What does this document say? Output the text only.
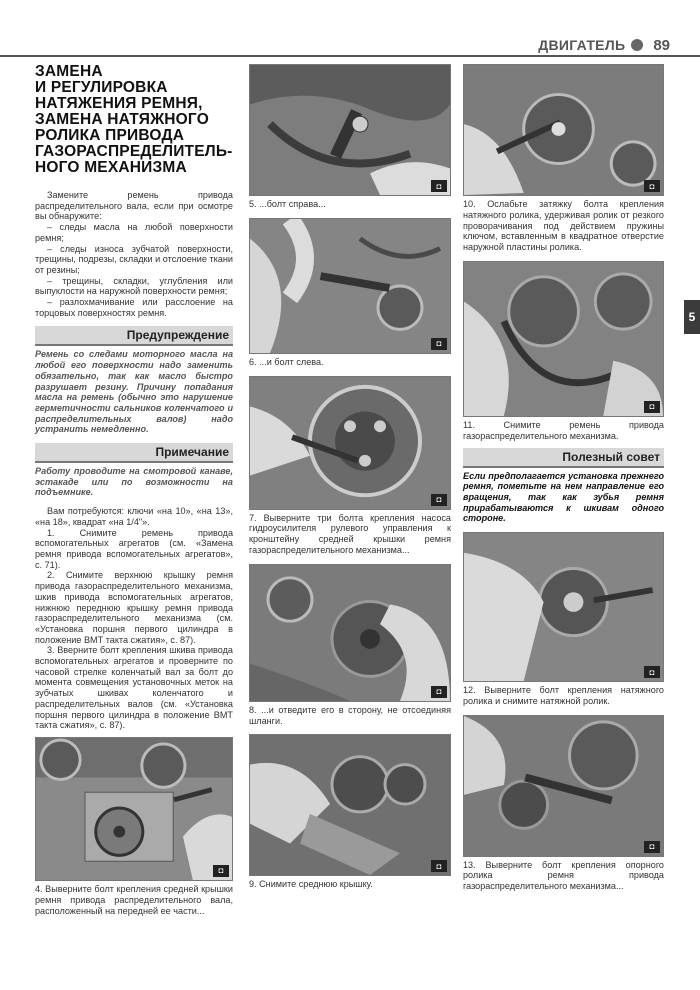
ДВИГАТЕЛЬ 89
5
ЗАМЕНА
И РЕГУЛИРОВКА
НАТЯЖЕНИЯ РЕМНЯ,
ЗАМЕНА НАТЯЖНОГО
РОЛИКА ПРИВОДА
ГАЗОРАСПРЕДЕЛИТЕЛЬ-
НОГО МЕХАНИЗМА
Замените ремень привода распределительного вала, если при осмотре вы обнаружите:
– следы масла на любой поверхности ремня;
– следы износа зубчатой поверхности, трещины, подрезы, складки и отслоение ткани от резины;
– трещины, складки, углубления или выпуклости на наружной поверхности ремня;
– разлохмачивание или расслоение на торцовых поверхностях ремня.
Предупреждение
Ремень со следами моторного масла на любой его поверхности надо заменить обязательно, так как масло быстро разрушает резину. Причину попадания масла на ремень (обычно это нарушение герметичности сальников коленчатого и распределительных валов) надо устранить немедленно.
Примечание
Работу проводите на смотровой канаве, эстакаде или по возможности на подъемнике.
Вам потребуются: ключи «на 10», «на 13», «на 18», квадрат «на 1/4"».
1. Снимите ремень привода вспомогательных агрегатов (см. «Замена ремня привода вспомогательных агрегатов», с. 71).
2. Снимите верхнюю крышку ремня привода газораспределительного механизма, шкив привода вспомогательных агрегатов, нижнюю переднюю крышку ремня привода газораспределительного механизма (см. «Установка поршня первого цилиндра в положение ВМТ такта сжатия», с. 87).
3. Вверните болт крепления шкива привода вспомогательных агрегатов и проверните по часовой стрелке коленчатый вал за болт до момента совмещения установочных меток на зубчатых шкивах коленчатого и распределительных валов (см. «Установка поршня первого цилиндра в положение ВМТ такта сжатия», с. 87).
◘
4. Выверните болт крепления средней крышки ремня привода распределительного вала, расположенный на передней ее части...
◘
5. ...болт справа...
◘
6. ...и болт слева.
◘
7. Выверните три болта крепления насоса гидроусилителя рулевого управления к кронштейну средней крышки ремня газораспределительного механизма...
◘
8. ...и отведите его в сторону, не отсоединяя шланги.
◘
9. Снимите среднюю крышку.
◘
10. Ослабьте затяжку болта крепления натяжного ролика, удерживая ролик от резкого проворачивания под действием пружины ключом, вставленным в квадратное отверстие наружной пластины ролика.
◘
11. Снимите ремень привода газораспределительного механизма.
Полезный совет
Если предполагается установка прежнего ремня, пометьте на нем направление его вращения, так как зубья ремня прирабатываются к шкивам одного стороне.
◘
12. Выверните болт крепления натяжного ролика и снимите натяжной ролик.
◘
13. Выверните болт крепления опорного ролика ремня привода газораспределительного механизма...
